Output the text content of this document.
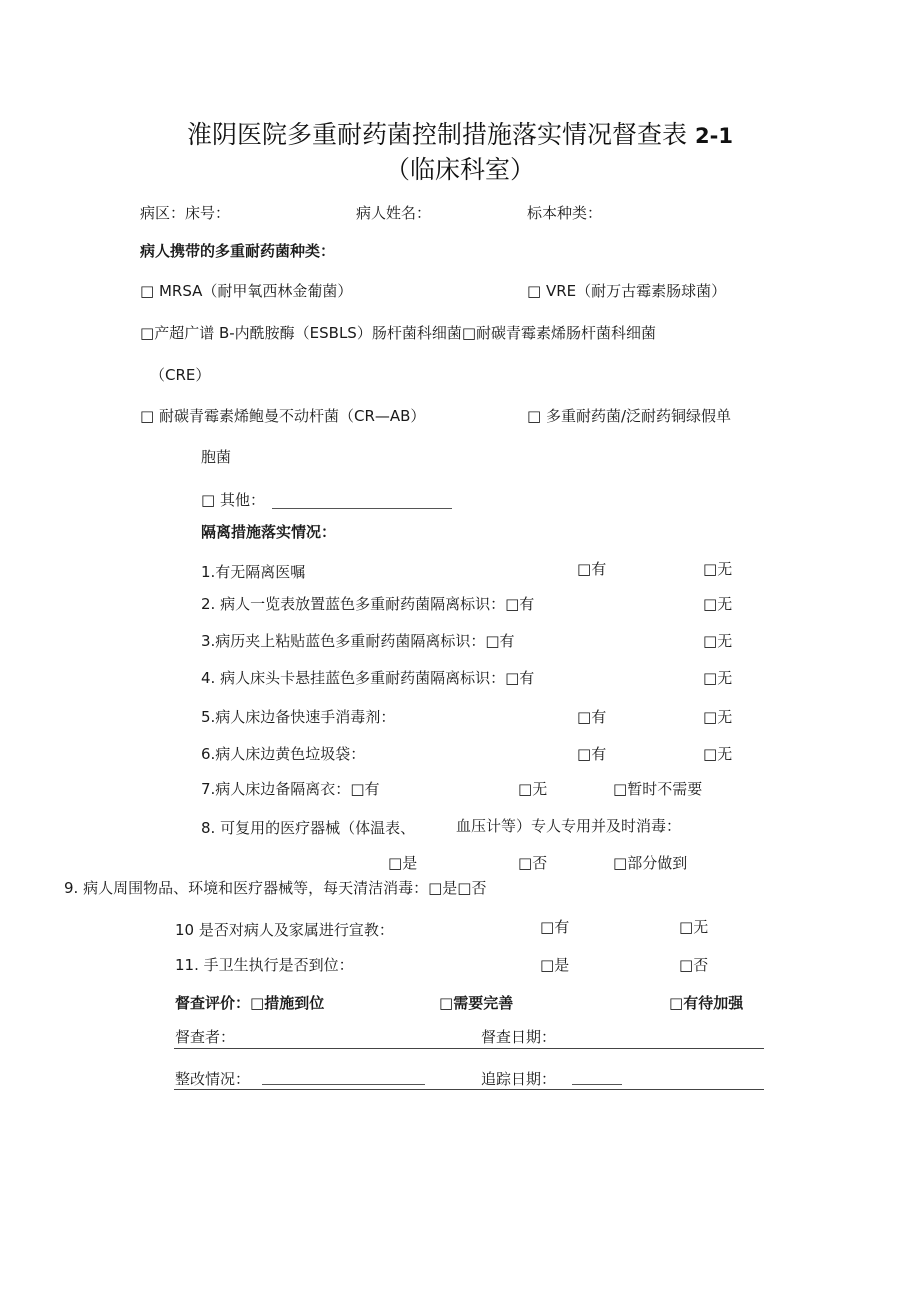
淮阴医院多重耐药菌控制措施落实情况督查表 2-1
（临床科室）
病区：床号：	病人姓名：	标本种类：
病人携带的多重耐药菌种类：
□ MRSA（耐甲氧西林金葡菌） □	VRE（耐万古霉素肠球菌）
□ 产超广谱 B-内酰胺酶（ESBLS）肠杆菌科细菌 □ 耐碳青霉素烯肠杆菌科细菌
（CRE）
□ 耐碳青霉素烯鲍曼不动杆菌（CR—AB） □	多重耐药菌/泛耐药铜绿假单
胞菌
□ 其他：
隔离措施落实情况：
1.有无隔离医嘱 □	有 □	无
2. 病人一览表放置蓝色多重耐药菌隔离标识： □ 有 □	无
3.病历夹上粘贴蓝色多重耐药菌隔离标识： □ 有 □	无
4. 病人床头卡悬挂蓝色多重耐药菌隔离标识： □ 有 □	无
5.病人床边备快速手消毒剂： □	有 □	无
6.病人床边黄色垃圾袋： □	有 □	无
7.病人床边备隔离衣： □ 有 □	无 □	暂时不需要
8. 可复用的医疗器械（体温表、	血压计等）专人专用并及时消毒：
□ 是 □	否 □	部分做到
9. 病人周围物品、环境和医疗器械等，每天清洁消毒： □ 是 □ 否
10 是否对病人及家属进行宣教： □	有 □	无
11. 手卫生执行是否到位： □	是 □	否
督查评价： □ 措施到位 □	需要完善 □	有待加强
督查者：	督查日期：
整改情况：	追踪日期：
